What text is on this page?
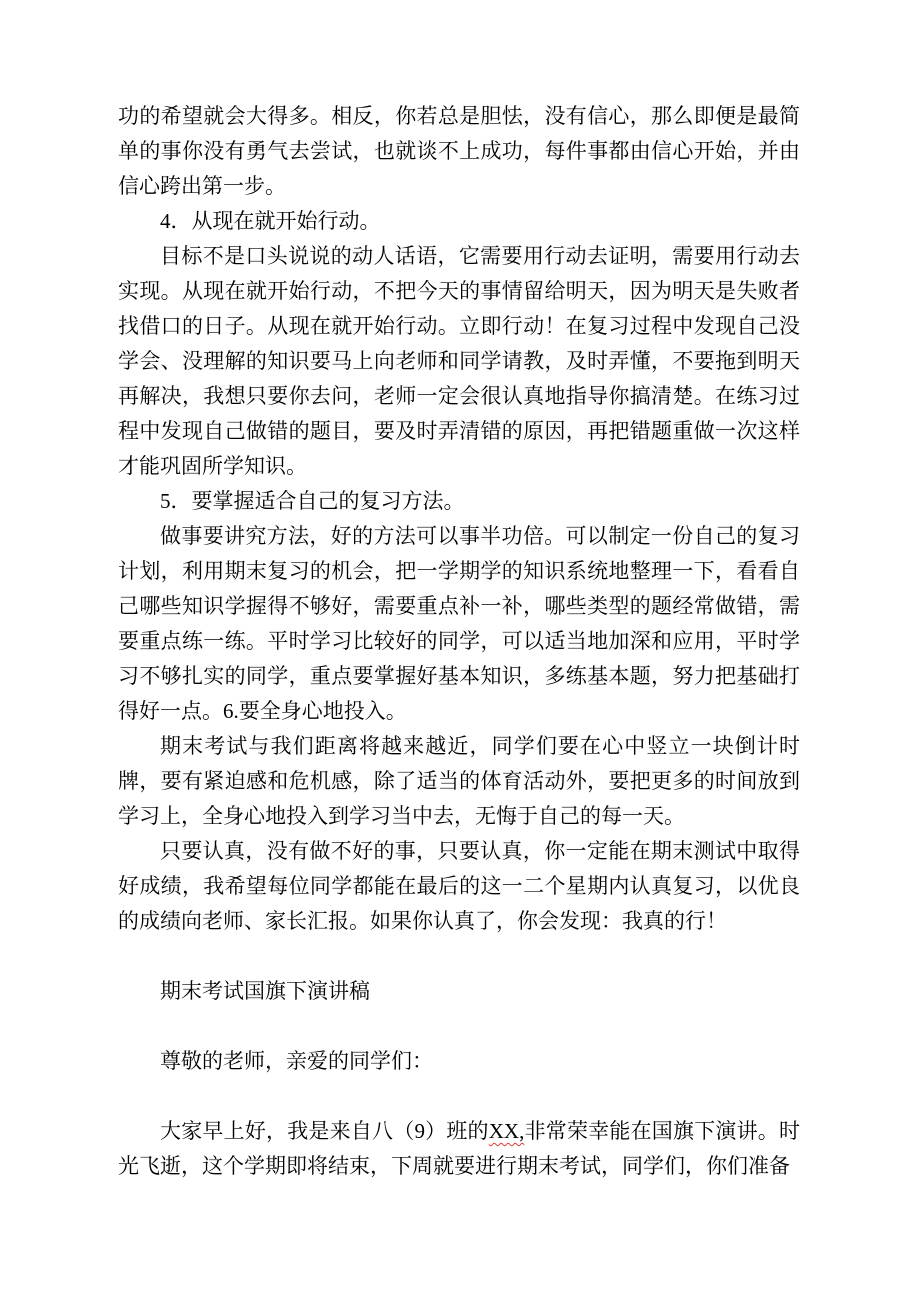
功的希望就会大得多。相反，你若总是胆怯，没有信心，那么即便是最简单的事你没有勇气去尝试，也就谈不上成功，每件事都由信心开始，并由信心跨出第一步。

4．从现在就开始行动。

目标不是口头说说的动人话语，它需要用行动去证明，需要用行动去实现。从现在就开始行动，不把今天的事情留给明天，因为明天是失败者找借口的日子。从现在就开始行动。立即行动！在复习过程中发现自己没学会、没理解的知识要马上向老师和同学请教，及时弄懂，不要拖到明天再解决，我想只要你去问，老师一定会很认真地指导你搞清楚。在练习过程中发现自己做错的题目，要及时弄清错的原因，再把错题重做一次这样才能巩固所学知识。

5．要掌握适合自己的复习方法。

做事要讲究方法，好的方法可以事半功倍。可以制定一份自己的复习计划，利用期末复习的机会，把一学期学的知识系统地整理一下，看看自己哪些知识学握得不够好，需要重点补一补，哪些类型的题经常做错，需要重点练一练。平时学习比较好的同学，可以适当地加深和应用，平时学习不够扎实的同学，重点要掌握好基本知识，多练基本题，努力把基础打得好一点。6.要全身心地投入。

期末考试与我们距离将越来越近，同学们要在心中竖立一块倒计时牌，要有紧迫感和危机感，除了适当的体育活动外，要把更多的时间放到学习上，全身心地投入到学习当中去，无悔于自己的每一天。

只要认真，没有做不好的事，只要认真，你一定能在期末测试中取得好成绩，我希望每位同学都能在最后的这一二个星期内认真复习，以优良的成绩向老师、家长汇报。如果你认真了，你会发现：我真的行！

期末考试国旗下演讲稿

尊敬的老师，亲爱的同学们：

大家早上好，我是来自八（9）班的XX,非常荣幸能在国旗下演讲。时光飞逝，这个学期即将结束，下周就要进行期末考试，同学们，你们准备
